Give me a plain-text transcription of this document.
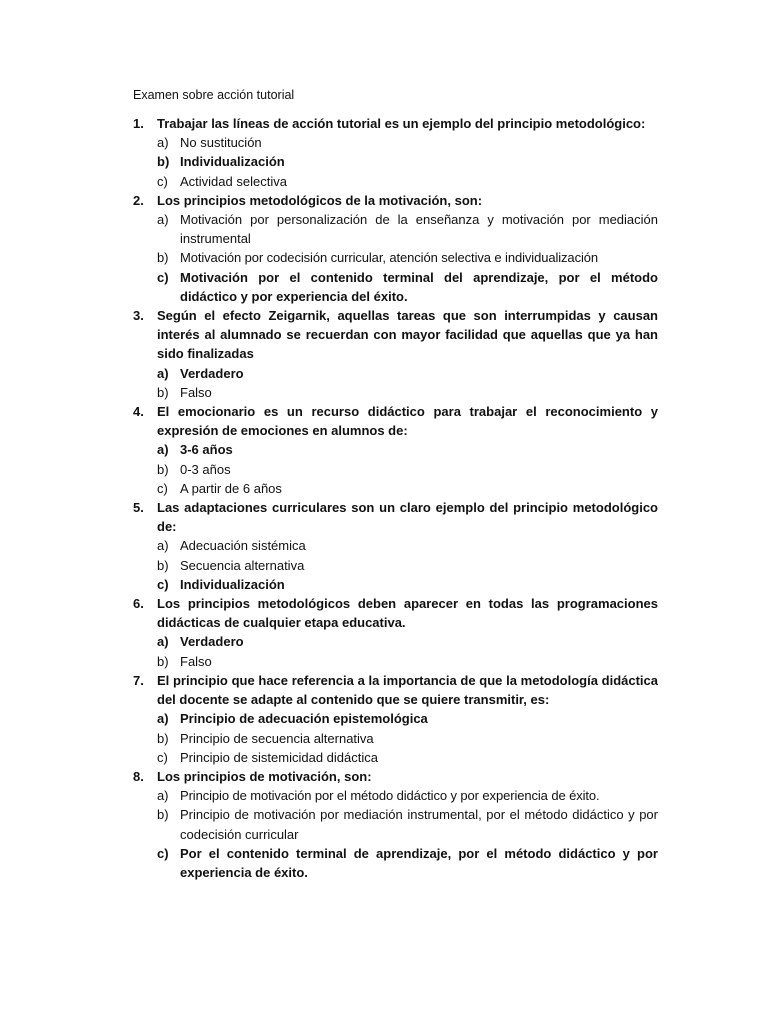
Examen sobre acción tutorial
1. Trabajar las líneas de acción tutorial es un ejemplo del principio metodológico:
a) No sustitución
b) Individualización
c) Actividad selectiva
2. Los principios metodológicos de la motivación, son:
a) Motivación por personalización de la enseñanza y motivación por mediación instrumental
b) Motivación por codecisión curricular, atención selectiva e individualización
c) Motivación por el contenido terminal del aprendizaje, por el método didáctico y por experiencia del éxito.
3. Según el efecto Zeigarnik, aquellas tareas que son interrumpidas y causan interés al alumnado se recuerdan con mayor facilidad que aquellas que ya han sido finalizadas
a) Verdadero
b) Falso
4. El emocionario es un recurso didáctico para trabajar el reconocimiento y expresión de emociones en alumnos de:
a) 3-6 años
b) 0-3 años
c) A partir de 6 años
5. Las adaptaciones curriculares son un claro ejemplo del principio metodológico de:
a) Adecuación sistémica
b) Secuencia alternativa
c) Individualización
6. Los principios metodológicos deben aparecer en todas las programaciones didácticas de cualquier etapa educativa.
a) Verdadero
b) Falso
7. El principio que hace referencia a la importancia de que la metodología didáctica del docente se adapte al contenido que se quiere transmitir, es:
a) Principio de adecuación epistemológica
b) Principio de secuencia alternativa
c) Principio de sistemicidad didáctica
8. Los principios de motivación, son:
a) Principio de motivación por el método didáctico y por experiencia de éxito.
b) Principio de motivación por mediación instrumental, por el método didáctico y por codecisión curricular
c) Por el contenido terminal de aprendizaje, por el método didáctico y por experiencia de éxito.
